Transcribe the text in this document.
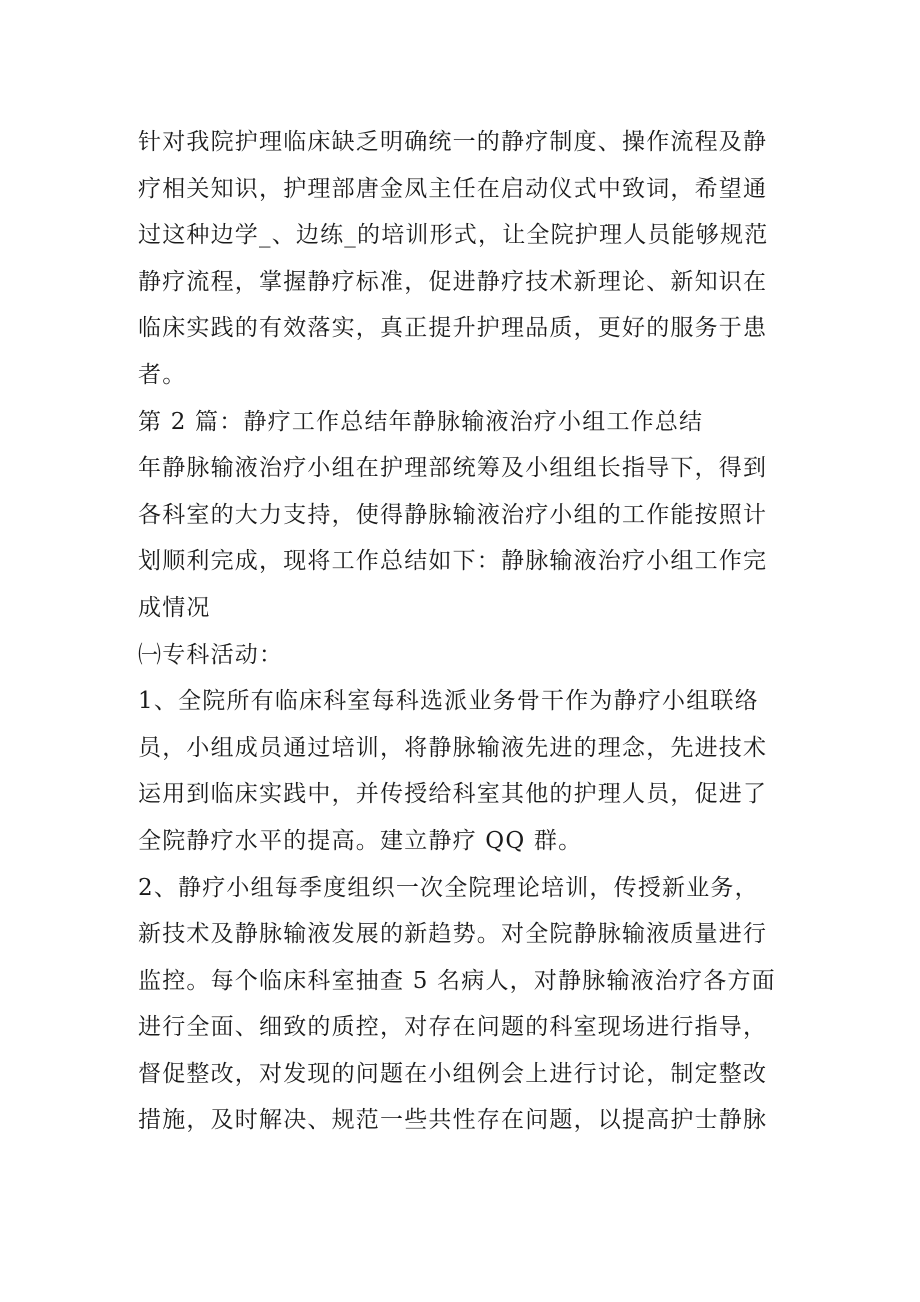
针对我院护理临床缺乏明确统一的静疗制度、操作流程及静
疗相关知识，护理部唐金凤主任在启动仪式中致词，希望通
过这种边学_、边练_的培训形式，让全院护理人员能够规范
静疗流程，掌握静疗标准，促进静疗技术新理论、新知识在
临床实践的有效落实，真正提升护理品质，更好的服务于患
者。
第 2 篇：静疗工作总结年静脉输液治疗小组工作总结
年静脉输液治疗小组在护理部统筹及小组组长指导下，得到
各科室的大力支持，使得静脉输液治疗小组的工作能按照计
划顺利完成，现将工作总结如下：静脉输液治疗小组工作完
成情况
㈠专科活动：
1、全院所有临床科室每科选派业务骨干作为静疗小组联络
员，小组成员通过培训，将静脉输液先进的理念，先进技术
运用到临床实践中，并传授给科室其他的护理人员，促进了
全院静疗水平的提高。建立静疗 QQ 群。
2、静疗小组每季度组织一次全院理论培训，传授新业务，
新技术及静脉输液发展的新趋势。对全院静脉输液质量进行
监控。每个临床科室抽查 5 名病人，对静脉输液治疗各方面
进行全面、细致的质控，对存在问题的科室现场进行指导，
督促整改，对发现的问题在小组例会上进行讨论，制定整改
措施，及时解决、规范一些共性存在问题，以提高护士静脉
